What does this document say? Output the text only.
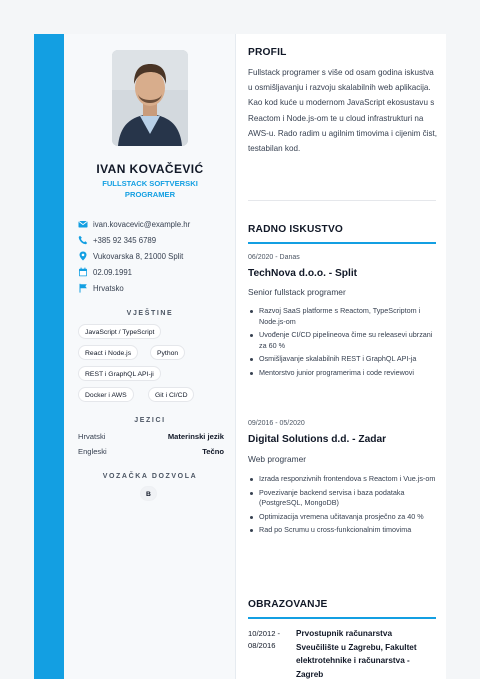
IVAN KOVAČEVIĆ
FULLSTACK SOFTVERSKI PROGRAMER
ivan.kovacevic@example.hr
+385 92 345 6789
Vukovarska 8, 21000 Split
02.09.1991
Hrvatsko
VJEŠTINE
JavaScript / TypeScript
React i Node.js	Python
REST i GraphQL API-ji
Docker i AWS	Git i CI/CD
JEZICI
Hrvatski	Materinski jezik
Engleski	Tečno
VOZAČKA DOZVOLA
B
PROFIL
Fullstack programer s više od osam godina iskustva u osmišljavanju i razvoju skalabilnih web aplikacija. Kao kod kuće u modernom JavaScript ekosustavu s Reactom i Node.js-om te u cloud infrastrukturi na AWS-u. Rado radim u agilnim timovima i cijenim čist, testabilan kod.
RADNO ISKUSTVO
06/2020 - Danas
TechNova d.o.o. - Split
Senior fullstack programer
Razvoj SaaS platforme s Reactom, TypeScriptom i Node.js-om
Uvođenje CI/CD pipelineova čime su releasevi ubrzani za 60 %
Osmišljavanje skalabilnih REST i GraphQL API-ja
Mentorstvo junior programerima i code reviewovi
09/2016 - 05/2020
Digital Solutions d.d. - Zadar
Web programer
Izrada responzivnih frontendova s Reactom i Vue.js-om
Povezivanje backend servisa i baza podataka (PostgreSQL, MongoDB)
Optimizacija vremena učitavanja prosječno za 40 %
Rad po Scrumu u cross-funkcionalnim timovima
OBRAZOVANJE
10/2012 - 08/2016
Prvostupnik računarstva Sveučilište u Zagrebu, Fakultet elektrotehnike i računarstva - Zagreb
